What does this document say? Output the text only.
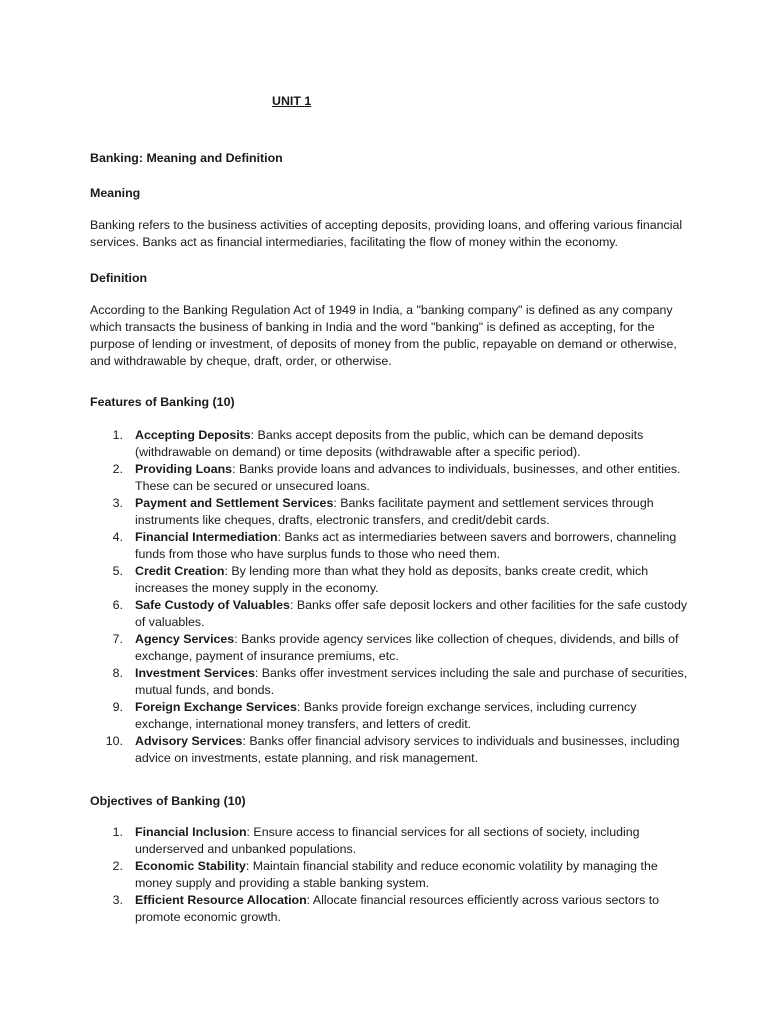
UNIT 1

Banking: Meaning and Definition

Meaning

Banking refers to the business activities of accepting deposits, providing loans, and offering various financial services. Banks act as financial intermediaries, facilitating the flow of money within the economy.

Definition

According to the Banking Regulation Act of 1949 in India, a "banking company" is defined as any company which transacts the business of banking in India and the word "banking" is defined as accepting, for the purpose of lending or investment, of deposits of money from the public, repayable on demand or otherwise, and withdrawable by cheque, draft, order, or otherwise.

Features of Banking (10)

1. Accepting Deposits: Banks accept deposits from the public, which can be demand deposits (withdrawable on demand) or time deposits (withdrawable after a specific period).
2. Providing Loans: Banks provide loans and advances to individuals, businesses, and other entities. These can be secured or unsecured loans.
3. Payment and Settlement Services: Banks facilitate payment and settlement services through instruments like cheques, drafts, electronic transfers, and credit/debit cards.
4. Financial Intermediation: Banks act as intermediaries between savers and borrowers, channeling funds from those who have surplus funds to those who need them.
5. Credit Creation: By lending more than what they hold as deposits, banks create credit, which increases the money supply in the economy.
6. Safe Custody of Valuables: Banks offer safe deposit lockers and other facilities for the safe custody of valuables.
7. Agency Services: Banks provide agency services like collection of cheques, dividends, and bills of exchange, payment of insurance premiums, etc.
8. Investment Services: Banks offer investment services including the sale and purchase of securities, mutual funds, and bonds.
9. Foreign Exchange Services: Banks provide foreign exchange services, including currency exchange, international money transfers, and letters of credit.
10. Advisory Services: Banks offer financial advisory services to individuals and businesses, including advice on investments, estate planning, and risk management.

Objectives of Banking (10)

1. Financial Inclusion: Ensure access to financial services for all sections of society, including underserved and unbanked populations.
2. Economic Stability: Maintain financial stability and reduce economic volatility by managing the money supply and providing a stable banking system.
3. Efficient Resource Allocation: Allocate financial resources efficiently across various sectors to promote economic growth.
